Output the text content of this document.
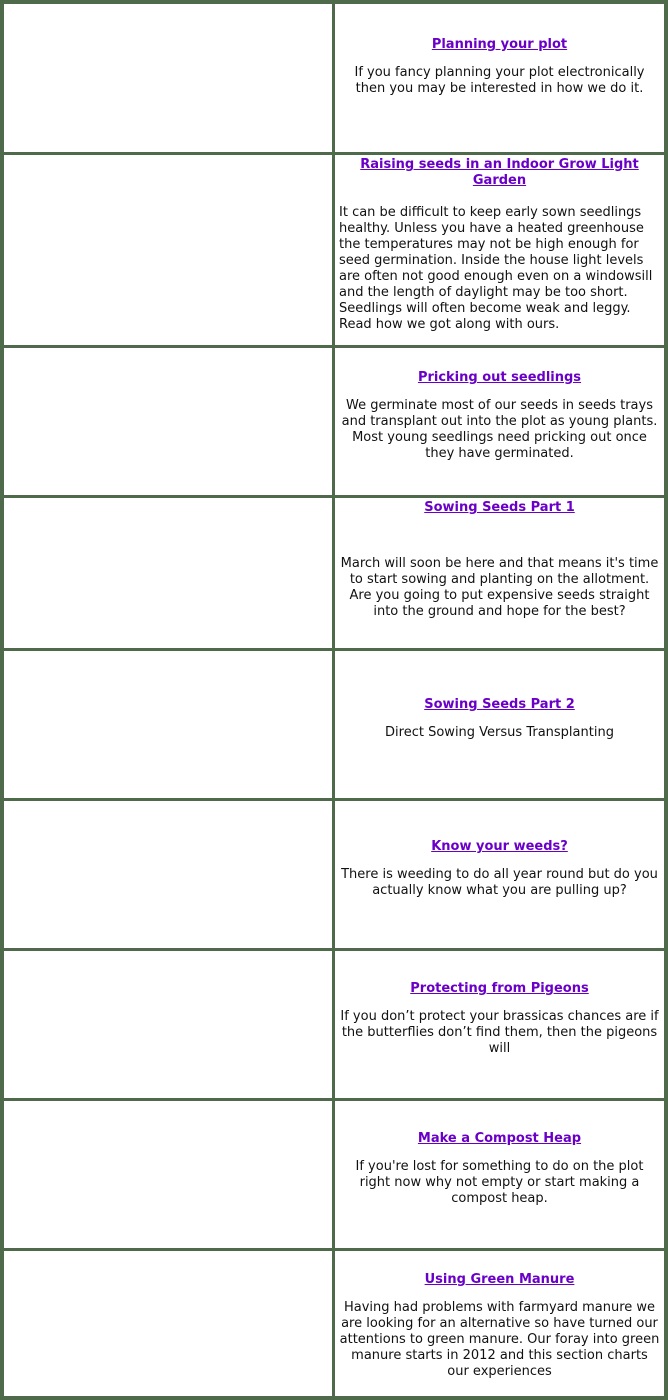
Planning your plot

If you fancy planning your plot electronically then you may be interested in how we do it.

Raising seeds in an Indoor Grow Light Garden

It can be difficult to keep early sown seedlings healthy. Unless you have a heated greenhouse the temperatures may not be high enough for seed germination. Inside the house light levels are often not good enough even on a windowsill and the length of daylight may be too short. Seedlings will often become weak and leggy. Read how we got along with ours.

Pricking out seedlings

We germinate most of our seeds in seeds trays and transplant out into the plot as young plants. Most young seedlings need pricking out once they have germinated.

Sowing Seeds Part 1

March will soon be here and that means it's time to start sowing and planting on the allotment. Are you going to put expensive seeds straight into the ground and hope for the best?

Sowing Seeds Part 2

Direct Sowing Versus Transplanting

Know your weeds?

There is weeding to do all year round but do you actually know what you are pulling up?

Protecting from Pigeons

If you don’t protect your brassicas chances are if the butterflies don’t find them, then the pigeons will

Make a Compost Heap

If you're lost for something to do on the plot right now why not empty or start making a compost heap.

Using Green Manure

Having had problems with farmyard manure we are looking for an alternative so have turned our attentions to green manure. Our foray into green manure starts in 2012 and this section charts our experiences
